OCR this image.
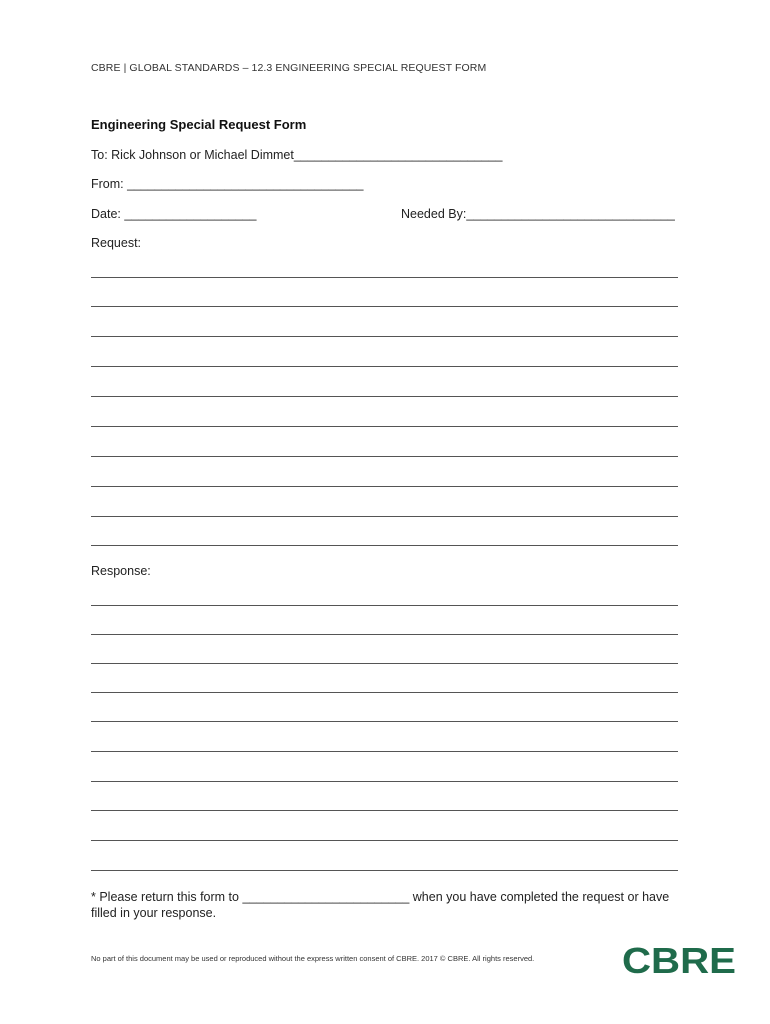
CBRE | GLOBAL STANDARDS – 12.3 ENGINEERING SPECIAL REQUEST FORM
Engineering Special Request Form
To: Rick Johnson or Michael Dimmet______________________________
From: __________________________________
Date: ___________________	Needed By:______________________________
Request:
Response:
* Please return this form to ________________________ when you have completed the request or have filled in your response.
No part of this document may be used or reproduced without the express written consent of CBRE. 2017 © CBRE. All rights reserved. CBRE
